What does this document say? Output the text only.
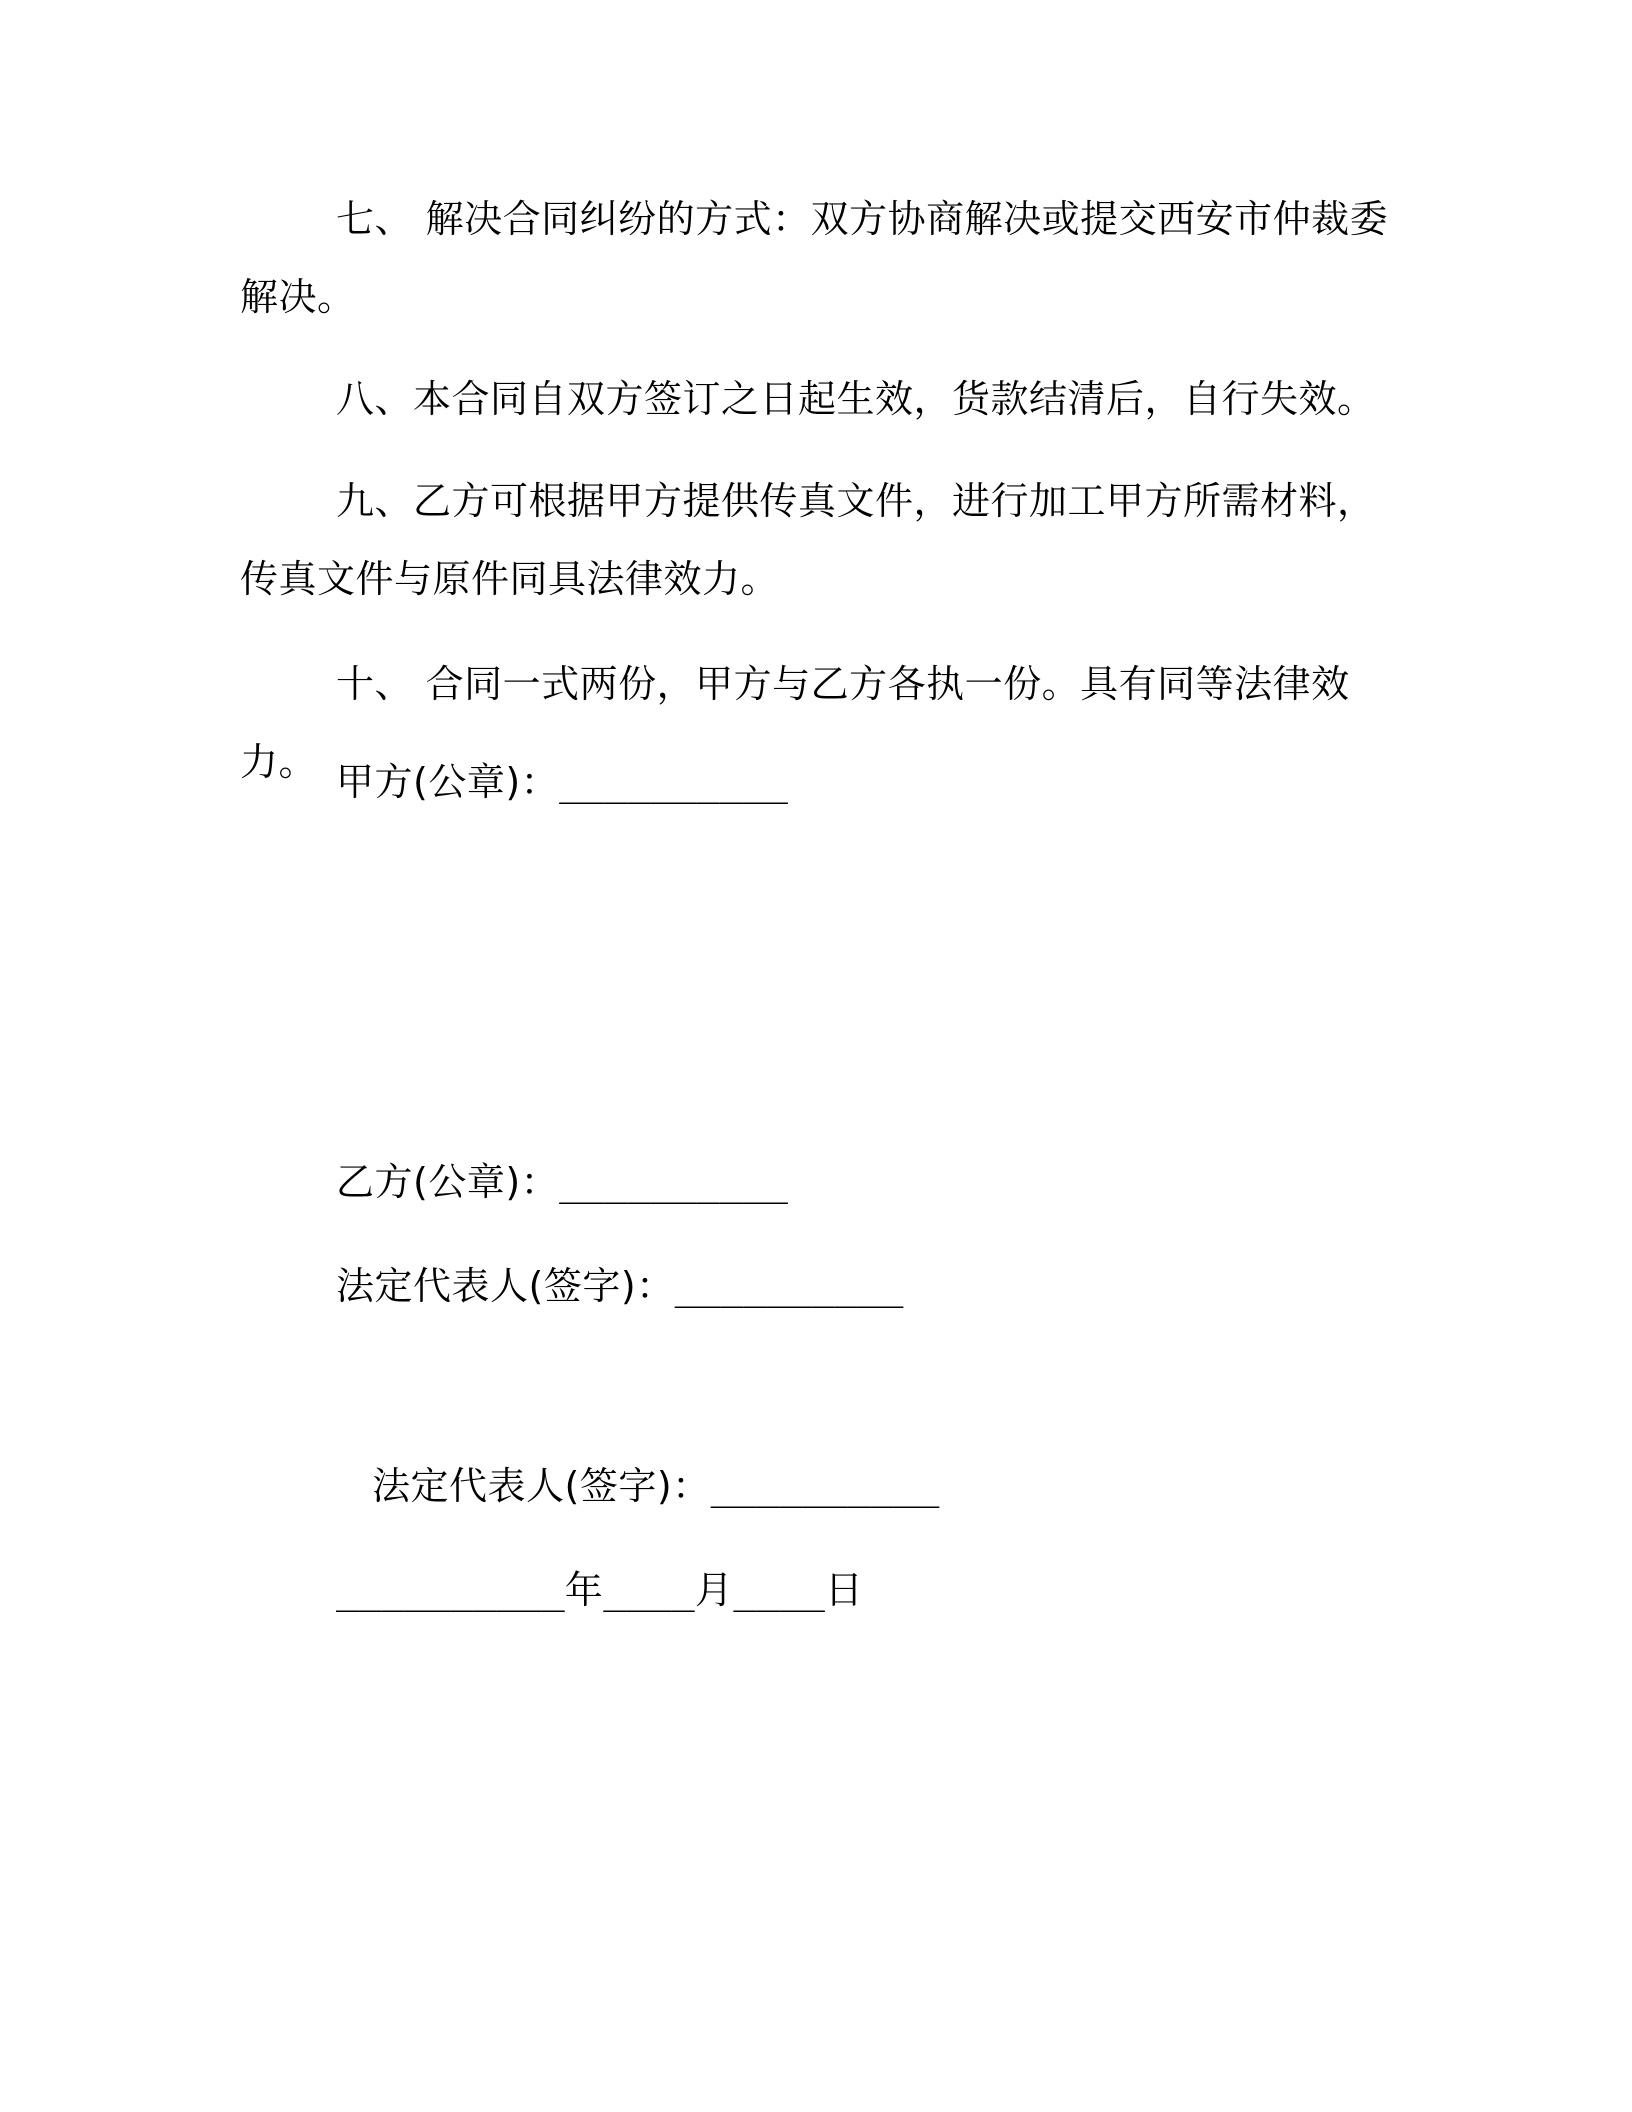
七、 解决合同纠纷的方式：双方协商解决或提交西安市仲裁委解决。
八、本合同自双方签订之日起生效，货款结清后，自行失效。
九、乙方可根据甲方提供传真文件，进行加工甲方所需材料，传真文件与原件同具法律效力。
十、 合同一式两份，甲方与乙方各执一份。具有同等法律效力。 甲方(公章)：__________
乙方(公章)：__________
法定代表人(签字)：__________
法定代表人(签字)：__________
__________年____月____日
